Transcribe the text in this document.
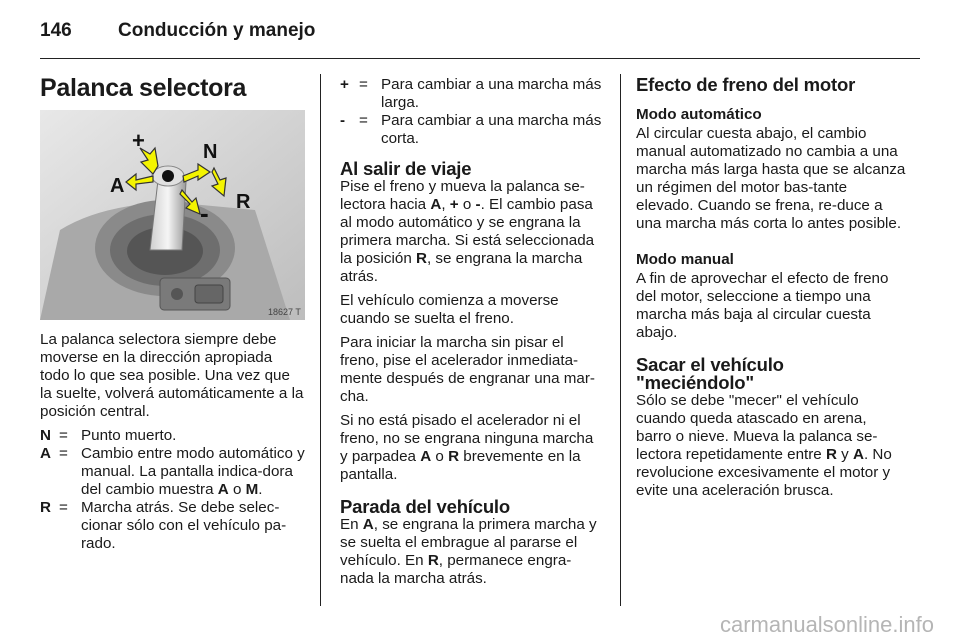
146 Conducción y manejo
Palanca selectora
+	N
A
- R
18627 T

La palanca selectora siempre debe moverse en la dirección apropiada todo lo que sea posible. Una vez que la suelte, volverá automáticamente a la posición central.

N = Punto muerto.
A = Cambio entre modo automático y manual. La pantalla indica-dora del cambio muestra A o M.
R = Marcha atrás. Se debe selec-cionar sólo con el vehículo pa-rado.
+ = Para cambiar a una marcha más larga.
- = Para cambiar a una marcha más corta.
Al salir de viaje

Pise el freno y mueva la palanca se-lectora hacia A, + o -. El cambio pasa al modo automático y se engrana la primera marcha. Si está seleccionada la posición R, se engrana la marcha atrás.

El vehículo comienza a moverse cuando se suelta el freno.

Para iniciar la marcha sin pisar el freno, pise el acelerador inmediata-mente después de engranar una mar-cha.

Si no está pisado el acelerador ni el freno, no se engrana ninguna marcha y parpadea A o R brevemente en la pantalla.

Parada del vehículo

En A, se engrana la primera marcha y se suelta el embrague al pararse el vehículo. En R, permanece engra-nada la marcha atrás.

Efecto de freno del motor
Modo automático

Al circular cuesta abajo, el cambio manual automatizado no cambia a una marcha más larga hasta que se alcanza un régimen del motor bas-tante elevado. Cuando se frena, re-duce a una marcha más corta lo antes posible.

Modo manual

A fin de aprovechar el efecto de freno del motor, seleccione a tiempo una marcha más baja al circular cuesta abajo.

Sacar el vehículo "meciéndolo"

Sólo se debe "mecer" el vehículo cuando queda atascado en arena, barro o nieve. Mueva la palanca se-lectora repetidamente entre R y A. No revolucione excesivamente el motor y evite una aceleración brusca.

carmanualsonline.info
